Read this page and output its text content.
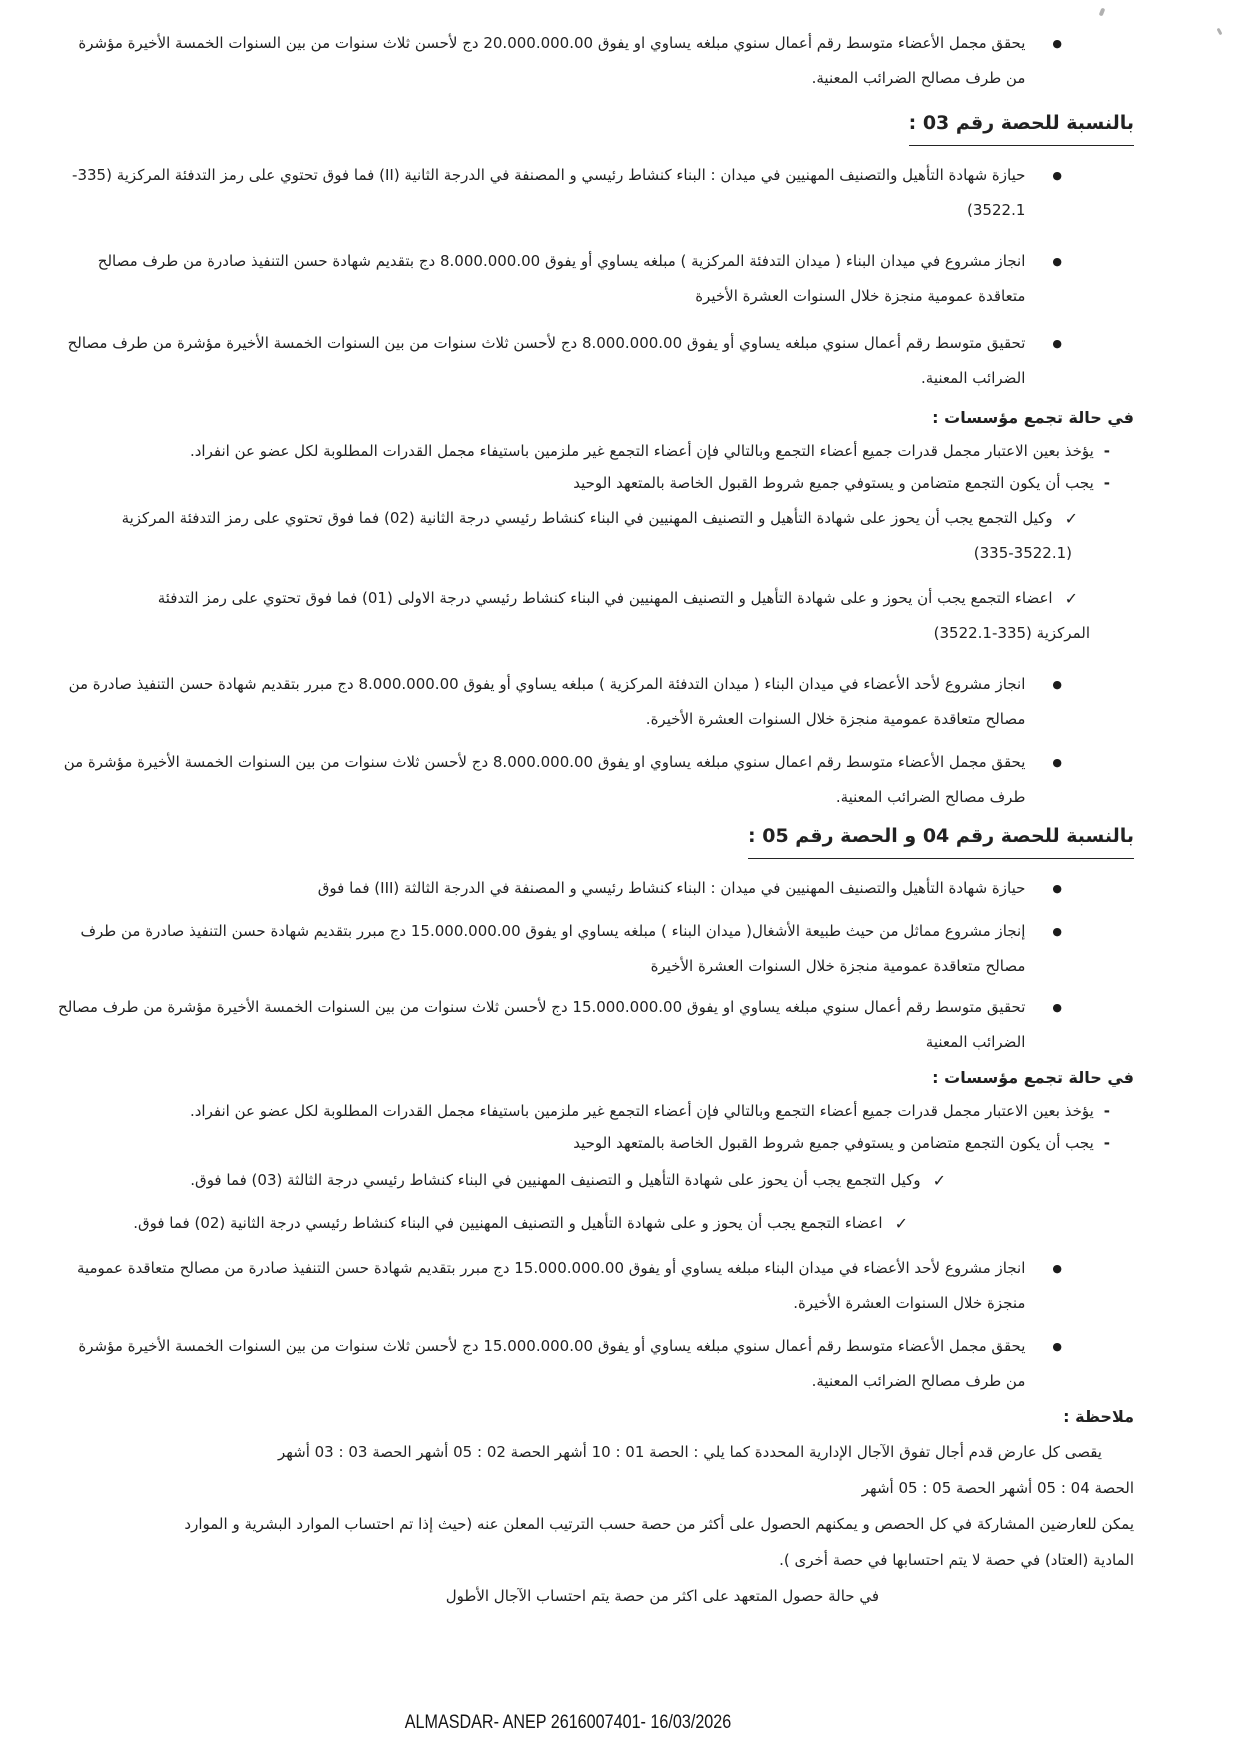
●
يحقق مجمل الأعضاء متوسط رقم أعمال سنوي مبلغه يساوي او يفوق 20.000.000.00 دج لأحسن ثلاث سنوات من بين السنوات الخمسة الأخيرة مؤشرة من طرف مصالح الضرائب المعنية.
بالنسبة للحصة رقم 03 :
●
حيازة شهادة التأهيل والتصنيف المهنيين في ميدان : البناء كنشاط رئيسي و المصنفة في الدرجة الثانية (II) فما فوق تحتوي على رمز التدفئة المركزية (335-3522.1)
●
انجاز مشروع في ميدان البناء ( ميدان التدفئة المركزية ) مبلغه يساوي أو يفوق 8.000.000.00 دج بتقديم شهادة حسن التنفيذ صادرة من طرف مصالح متعاقدة عمومية منجزة خلال السنوات العشرة الأخيرة
●
تحقيق متوسط رقم أعمال سنوي مبلغه يساوي أو يفوق 8.000.000.00 دج لأحسن ثلاث سنوات من بين السنوات الخمسة الأخيرة مؤشرة من طرف مصالح الضرائب المعنية.
في حالة تجمع مؤسسات :
-
يؤخذ بعين الاعتبار مجمل قدرات جميع أعضاء التجمع وبالتالي فإن أعضاء التجمع غير ملزمين باستيفاء مجمل القدرات المطلوبة لكل عضو عن انفراد.
-
يجب أن يكون التجمع متضامن و يستوفي جميع شروط القبول الخاصة بالمتعهد الوحيد
✓
وكيل التجمع يجب أن يحوز على شهادة التأهيل و التصنيف المهنيين في البناء كنشاط رئيسي درجة الثانية (02) فما فوق تحتوي على رمز التدفئة المركزية
(335-3522.1)
✓
اعضاء التجمع يجب أن يحوز و على شهادة التأهيل و التصنيف المهنيين في البناء كنشاط رئيسي درجة الاولى (01) فما فوق تحتوي على رمز التدفئة
المركزية (335-3522.1)
●
انجاز مشروع لأحد الأعضاء في ميدان البناء ( ميدان التدفئة المركزية ) مبلغه يساوي أو يفوق 8.000.000.00 دج مبرر بتقديم شهادة حسن التنفيذ صادرة من مصالح متعاقدة عمومية منجزة خلال السنوات العشرة الأخيرة.
●
يحقق مجمل الأعضاء متوسط رقم اعمال سنوي مبلغه يساوي او يفوق 8.000.000.00 دج لأحسن ثلاث سنوات من بين السنوات الخمسة الأخيرة مؤشرة من طرف مصالح الضرائب المعنية.
بالنسبة للحصة رقم 04 و الحصة رقم 05 :
●
حيازة شهادة التأهيل والتصنيف المهنيين في ميدان : البناء كنشاط رئيسي و المصنفة في الدرجة الثالثة (III) فما فوق
●
إنجاز مشروع مماثل من حيث طبيعة الأشغال( ميدان البناء ) مبلغه يساوي او يفوق 15.000.000.00 دج مبرر بتقديم شهادة حسن التنفيذ صادرة من طرف مصالح متعاقدة عمومية منجزة خلال السنوات العشرة الأخيرة
●
تحقيق متوسط رقم أعمال سنوي مبلغه يساوي او يفوق 15.000.000.00 دج لأحسن ثلاث سنوات من بين السنوات الخمسة الأخيرة مؤشرة من طرف مصالح الضرائب المعنية
في حالة تجمع مؤسسات :
-
يؤخذ بعين الاعتبار مجمل قدرات جميع أعضاء التجمع وبالتالي فإن أعضاء التجمع غير ملزمين باستيفاء مجمل القدرات المطلوبة لكل عضو عن انفراد.
-
يجب أن يكون التجمع متضامن و يستوفي جميع شروط القبول الخاصة بالمتعهد الوحيد
✓
وكيل التجمع يجب أن يحوز على شهادة التأهيل و التصنيف المهنيين في البناء كنشاط رئيسي درجة الثالثة (03) فما فوق.
✓
اعضاء التجمع يجب أن يحوز و على شهادة التأهيل و التصنيف المهنيين في البناء كنشاط رئيسي درجة الثانية (02) فما فوق.
●
انجاز مشروع لأحد الأعضاء في ميدان البناء مبلغه يساوي أو يفوق 15.000.000.00 دج مبرر بتقديم شهادة حسن التنفيذ صادرة من مصالح متعاقدة عمومية منجزة خلال السنوات العشرة الأخيرة.
●
يحقق مجمل الأعضاء متوسط رقم أعمال سنوي مبلغه يساوي أو يفوق 15.000.000.00 دج لأحسن ثلاث سنوات من بين السنوات الخمسة الأخيرة مؤشرة من طرف مصالح الضرائب المعنية.
ملاحظة :
يقصى كل عارض قدم أجال تفوق الآجال الإدارية المحددة كما يلي : الحصة 01 : 10 أشهر الحصة 02 : 05 أشهر الحصة 03 : 03 أشهر
الحصة 04 : 05 أشهر الحصة 05 : 05 أشهر
يمكن للعارضين المشاركة في كل الحصص و يمكنهم الحصول على أكثر من حصة حسب الترتيب المعلن عنه (حيث إذا تم احتساب الموارد البشرية و الموارد
المادية (العتاد) في حصة لا يتم احتسابها في حصة أخرى ).
في حالة حصول المتعهد على اكثر من حصة يتم احتساب الآجال الأطول
ALMASDAR- ANEP 2616007401- 16/03/2026
